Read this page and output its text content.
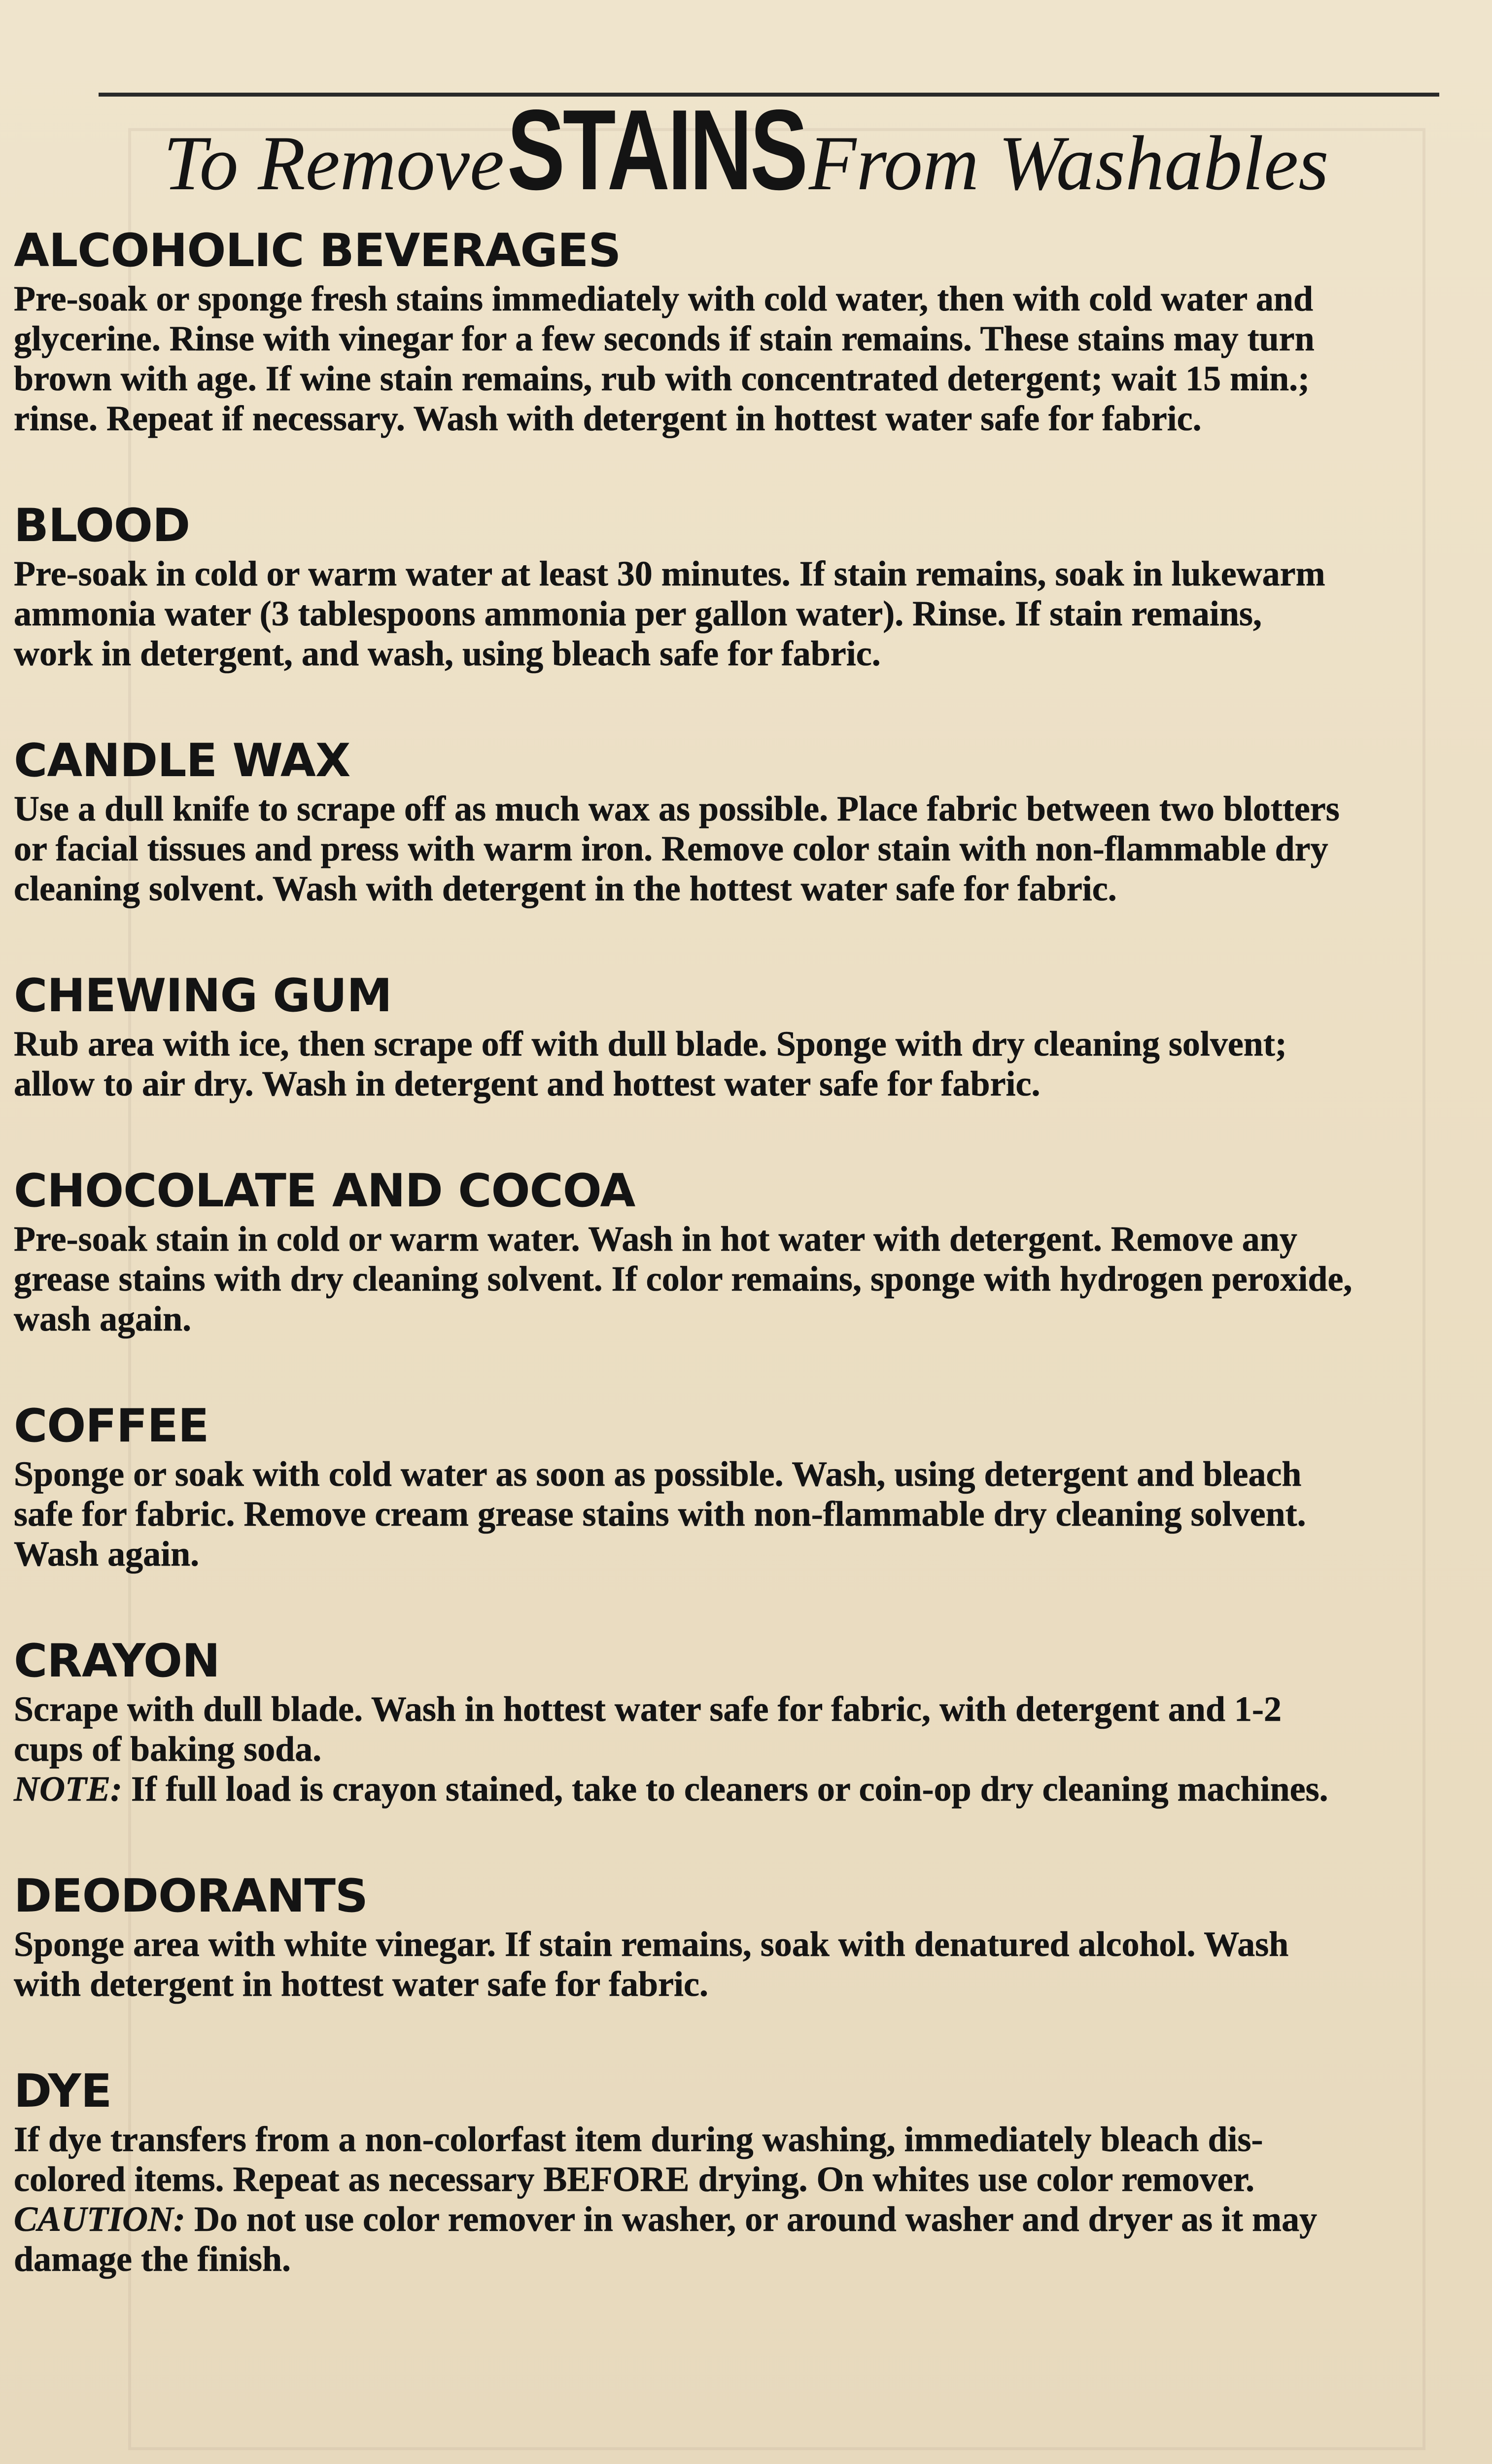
To Remove STAINS From Washables
ALCOHOLIC BEVERAGES
Pre-soak or sponge fresh stains immediately with cold water, then with cold water and
glycerine. Rinse with vinegar for a few seconds if stain remains. These stains may turn
brown with age. If wine stain remains, rub with concentrated detergent; wait 15 min.;
rinse. Repeat if necessary. Wash with detergent in hottest water safe for fabric.
BLOOD
Pre-soak in cold or warm water at least 30 minutes. If stain remains, soak in lukewarm
ammonia water (3 tablespoons ammonia per gallon water). Rinse. If stain remains,
work in detergent, and wash, using bleach safe for fabric.
CANDLE WAX
Use a dull knife to scrape off as much wax as possible. Place fabric between two blotters
or facial tissues and press with warm iron. Remove color stain with non-flammable dry
cleaning solvent. Wash with detergent in the hottest water safe for fabric.
CHEWING GUM
Rub area with ice, then scrape off with dull blade. Sponge with dry cleaning solvent;
allow to air dry. Wash in detergent and hottest water safe for fabric.
CHOCOLATE AND COCOA
Pre-soak stain in cold or warm water. Wash in hot water with detergent. Remove any
grease stains with dry cleaning solvent. If color remains, sponge with hydrogen peroxide,
wash again.
COFFEE
Sponge or soak with cold water as soon as possible. Wash, using detergent and bleach
safe for fabric. Remove cream grease stains with non-flammable dry cleaning solvent.
Wash again.
CRAYON
Scrape with dull blade. Wash in hottest water safe for fabric, with detergent and 1-2
cups of baking soda.
NOTE: If full load is crayon stained, take to cleaners or coin-op dry cleaning machines.
DEODORANTS
Sponge area with white vinegar. If stain remains, soak with denatured alcohol. Wash
with detergent in hottest water safe for fabric.
DYE
If dye transfers from a non-colorfast item during washing, immediately bleach dis-
colored items. Repeat as necessary BEFORE drying. On whites use color remover.
CAUTION: Do not use color remover in washer, or around washer and dryer as it may
damage the finish.
